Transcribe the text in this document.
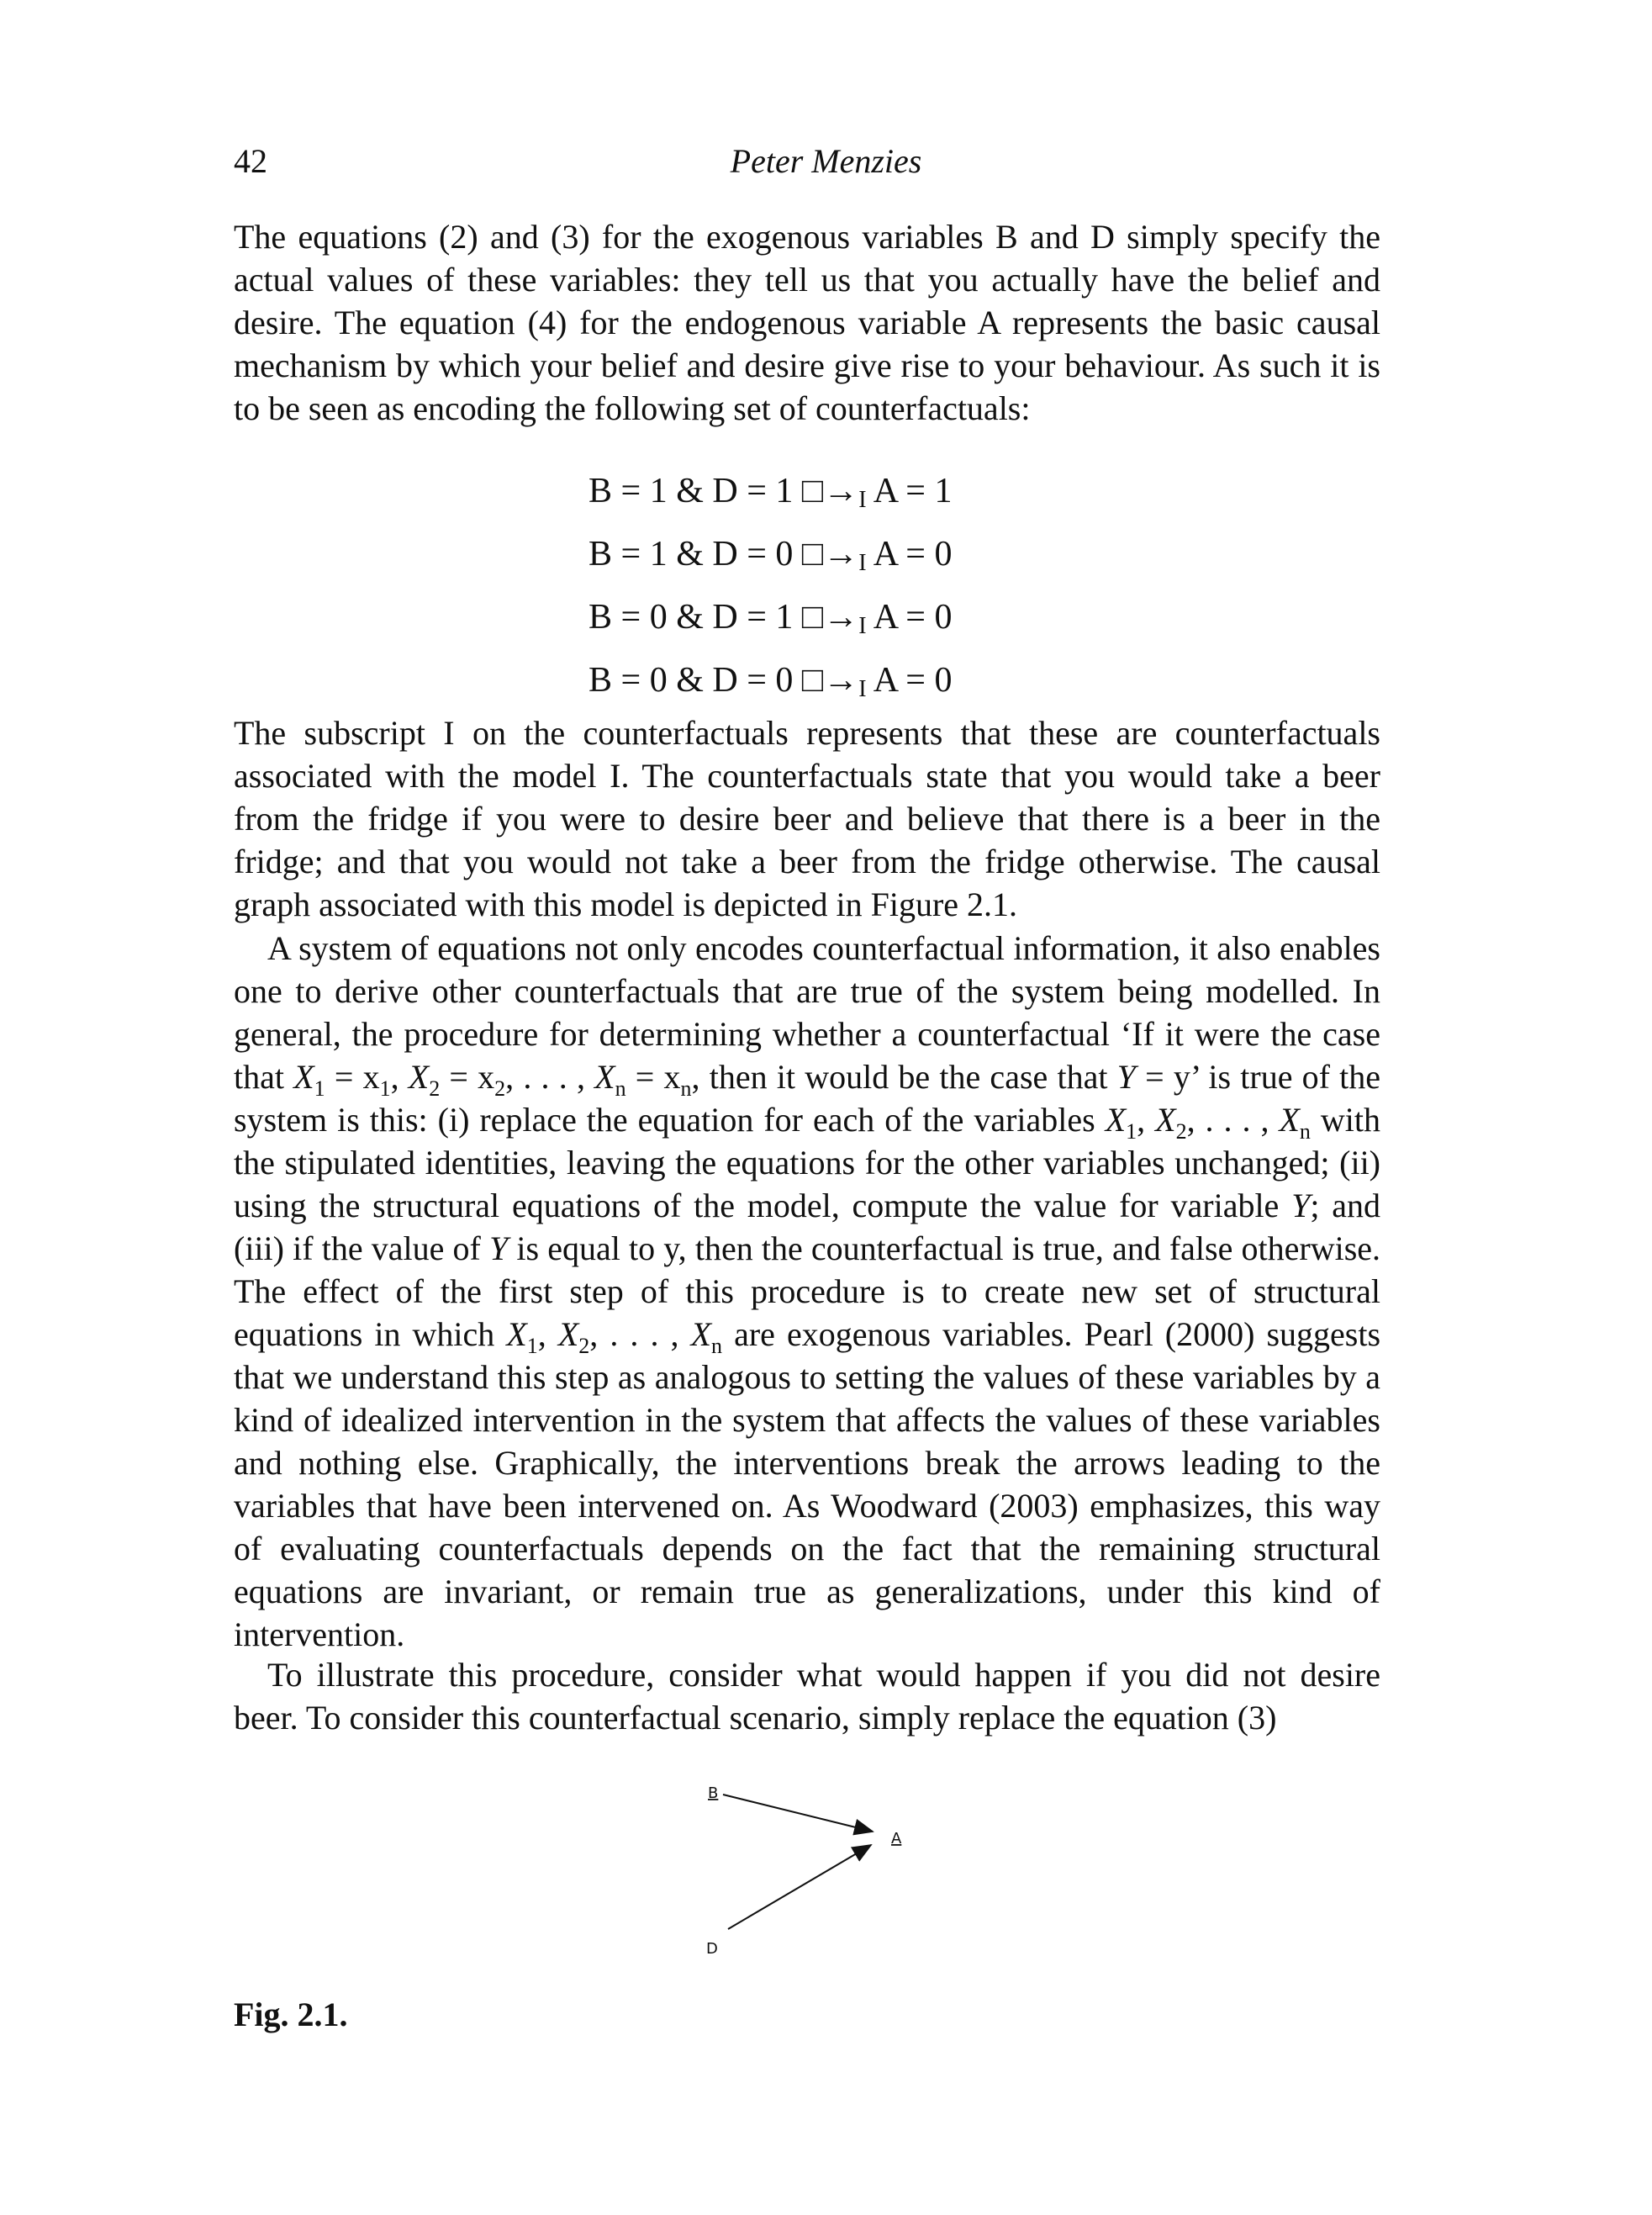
42	Peter Menzies

The equations (2) and (3) for the exogenous variables B and D simply specify the actual values of these variables: they tell us that you actually have the belief and desire. The equation (4) for the endogenous variable A represents the basic causal mechanism by which your belief and desire give rise to your behaviour. As such it is to be seen as encoding the following set of counterfactuals:

B = 1 & D = 1 $□\to_I$ A = 1
B = 1 & D = 0 $□\to_I$ A = 0
B = 0 & D = 1 $□\to_I$ A = 0
B = 0 & D = 0 $□\to_I$ A = 0

The subscript I on the counterfactuals represents that these are counterfactuals associated with the model I. The counterfactuals state that you would take a beer from the fridge if you were to desire beer and believe that there is a beer in the fridge; and that you would not take a beer from the fridge otherwise. The causal graph associated with this model is depicted in Figure 2.1.

A system of equations not only encodes counterfactual information, it also enables one to derive other counterfactuals that are true of the system being modelled. In general, the procedure for determining whether a counterfactual ‘If it were the case that $X_1 = x_1$, $X_2 = x_2$, . . . , $X_n = x_n$, then it would be the case that Y = y’ is true of the system is this: (i) replace the equation for each of the variables $X_1$, $X_2$, . . . , $X_n$ with the stipulated identities, leaving the equations for the other variables unchanged; (ii) using the structural equations of the model, compute the value for variable Y; and (iii) if the value of Y is equal to y, then the counterfactual is true, and false otherwise. The effect of the first step of this procedure is to create new set of structural equations in which $X_1$, $X_2$, . . . , $X_n$ are exogenous variables. Pearl (2000) suggests that we understand this step as analogous to setting the values of these variables by a kind of idealized intervention in the system that affects the values of these variables and nothing else. Graphically, the interventions break the arrows leading to the variables that have been intervened on. As Woodward (2003) emphasizes, this way of evaluating counterfactuals depends on the fact that the remaining structural equations are invariant, or remain true as generalizations, under this kind of intervention.

To illustrate this procedure, consider what would happen if you did not desire beer. To consider this counterfactual scenario, simply replace the equation (3)

B
A
D
Fig. 2.1.
